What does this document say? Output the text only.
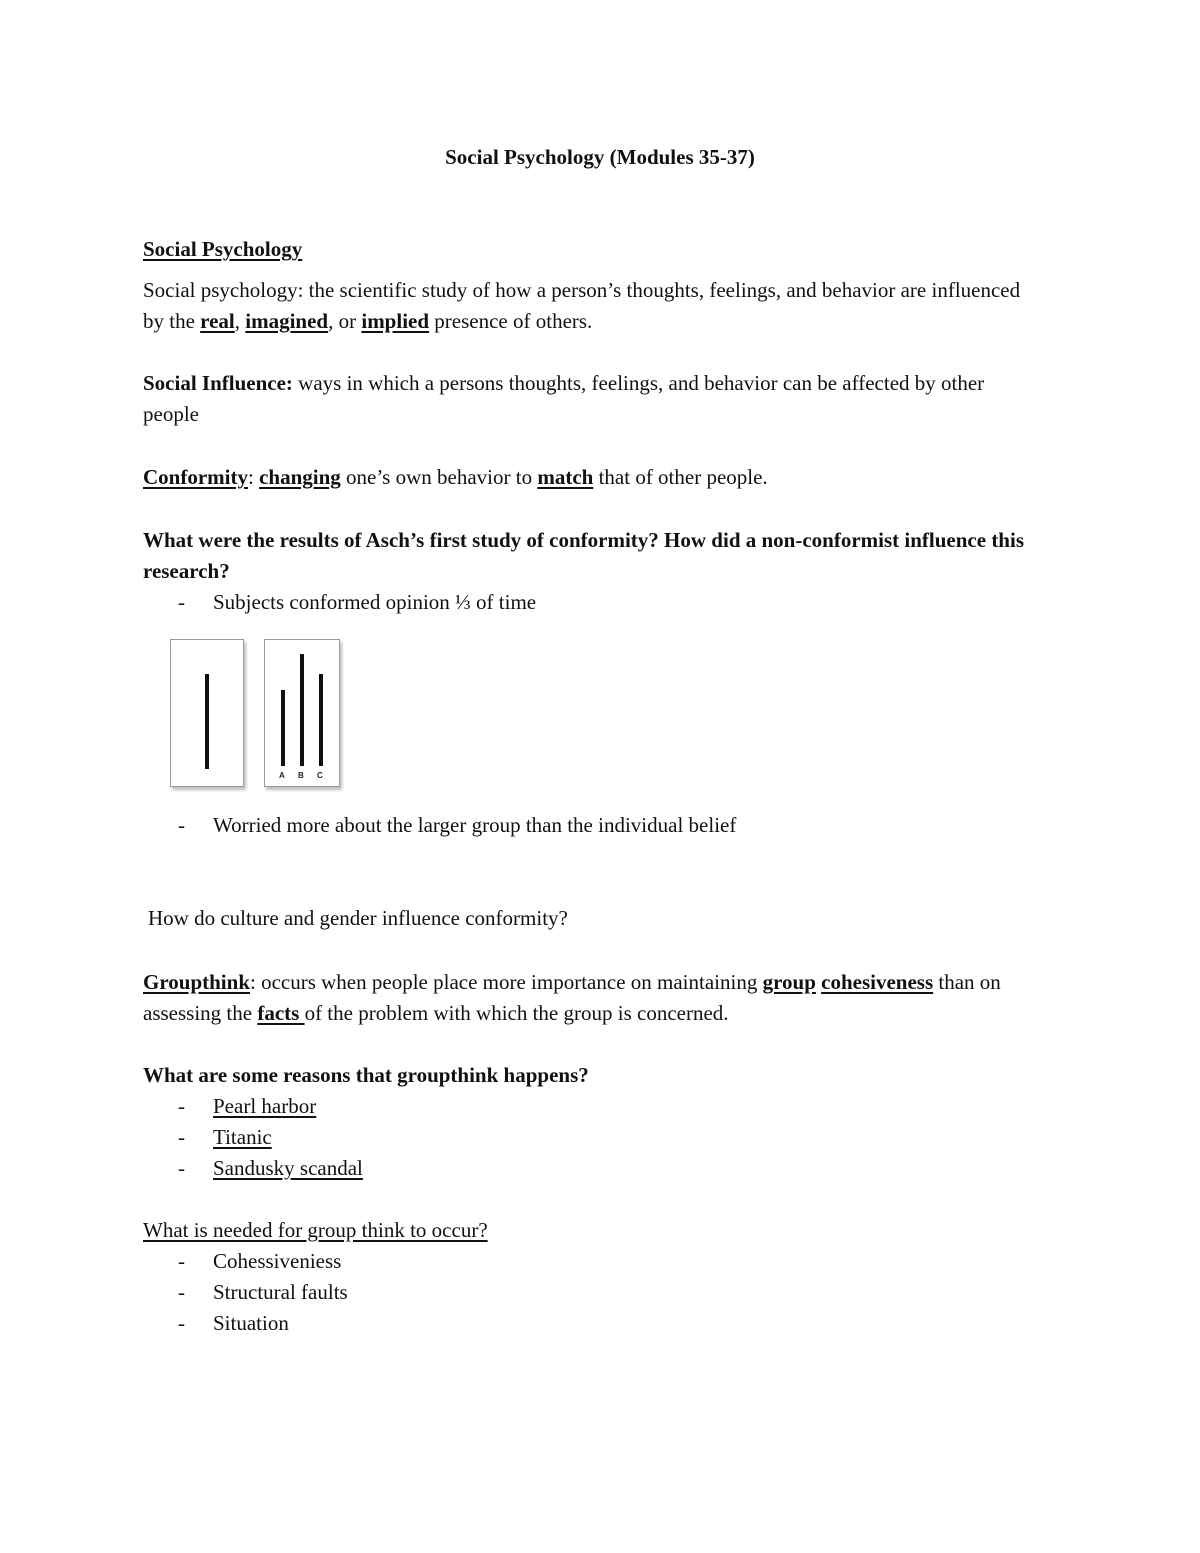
Social Psychology (Modules 35-37)
Social Psychology
Social psychology: the scientific study of how a person’s thoughts, feelings, and behavior are influenced by the real, imagined, or implied presence of others.
Social Influence: ways in which a persons thoughts, feelings, and behavior can be affected by other people
Conformity: changing one’s own behavior to match that of other people.
What were the results of Asch’s first study of conformity? How did a non-conformist influence this research?
- Subjects conformed opinion ⅓ of time
A B C
- Worried more about the larger group than the individual belief
How do culture and gender influence conformity?
Groupthink: occurs when people place more importance on maintaining group cohesiveness than on assessing the facts of the problem with which the group is concerned.
What are some reasons that groupthink happens?
- Pearl harbor
- Titanic
- Sandusky scandal
What is needed for group think to occur?
- Cohessiveniess
- Structural faults
- Situation
